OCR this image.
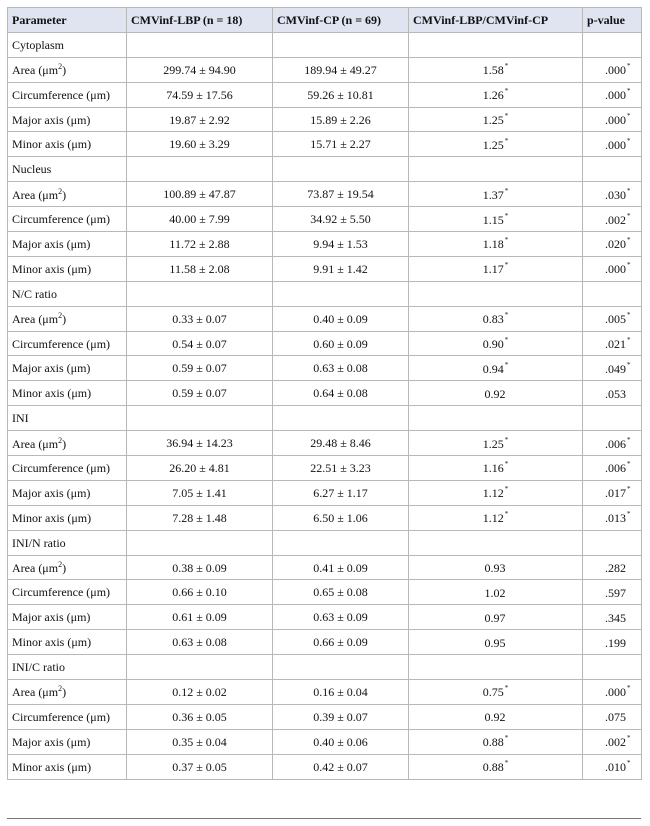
Parameter	CMVinf-LBP (n = 18)	CMVinf-CP (n = 69)	CMVinf-LBP/CMVinf-CP	p-value
Cytoplasm				
Area $(\mu m^2)$	299.74 ± 94.90	189.94 ± 49.27	1.58*	.000*
Circumference (μm)	74.59 ± 17.56	59.26 ± 10.81	1.26*	.000*
Major axis (μm)	19.87 ± 2.92	15.89 ± 2.26	1.25*	.000*
Minor axis (μm)	19.60 ± 3.29	15.71 ± 2.27	1.25*	.000*
Nucleus				
Area $(\mu m^2)$	100.89 ± 47.87	73.87 ± 19.54	1.37*	.030*
Circumference (μm)	40.00 ± 7.99	34.92 ± 5.50	1.15*	.002*
Major axis (μm)	11.72 ± 2.88	9.94 ± 1.53	1.18*	.020*
Minor axis (μm)	11.58 ± 2.08	9.91 ± 1.42	1.17*	.000*
N/C ratio				
Area $(\mu m^2)$	0.33 ± 0.07	0.40 ± 0.09	0.83*	.005*
Circumference (μm)	0.54 ± 0.07	0.60 ± 0.09	0.90*	.021*
Major axis (μm)	0.59 ± 0.07	0.63 ± 0.08	0.94*	.049*
Minor axis (μm)	0.59 ± 0.07	0.64 ± 0.08	0.92	.053
INI				
Area $(\mu m^2)$	36.94 ± 14.23	29.48 ± 8.46	1.25*	.006*
Circumference (μm)	26.20 ± 4.81	22.51 ± 3.23	1.16*	.006*
Major axis (μm)	7.05 ± 1.41	6.27 ± 1.17	1.12*	.017*
Minor axis (μm)	7.28 ± 1.48	6.50 ± 1.06	1.12*	.013*
INI/N ratio				
Area $(\mu m^2)$	0.38 ± 0.09	0.41 ± 0.09	0.93	.282
Circumference (μm)	0.66 ± 0.10	0.65 ± 0.08	1.02	.597
Major axis (μm)	0.61 ± 0.09	0.63 ± 0.09	0.97	.345
Minor axis (μm)	0.63 ± 0.08	0.66 ± 0.09	0.95	.199
INI/C ratio				
Area $(\mu m^2)$	0.12 ± 0.02	0.16 ± 0.04	0.75*	.000*
Circumference (μm)	0.36 ± 0.05	0.39 ± 0.07	0.92	.075
Major axis (μm)	0.35 ± 0.04	0.40 ± 0.06	0.88*	.002*
Minor axis (μm)	0.37 ± 0.05	0.42 ± 0.07	0.88*	.010*
